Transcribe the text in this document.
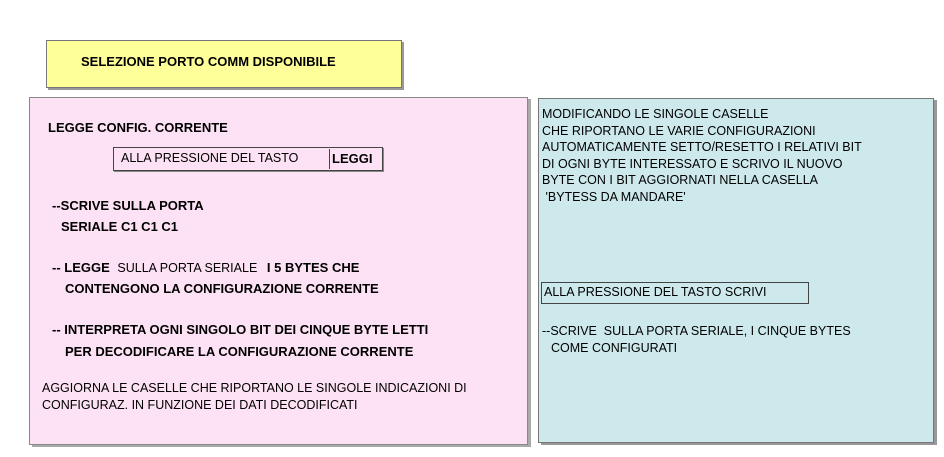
SELEZIONE PORTO COMM DISPONIBILE
LEGGE CONFIG. CORRENTE
ALLA PRESSIONE DEL TASTO	LEGGI
--SCRIVE SULLA PORTA
SERIALE C1 C1 C1
-- LEGGE SULLA PORTA SERIALE I 5 BYTES CHE
CONTENGONO LA CONFIGURAZIONE CORRENTE
-- INTERPRETA OGNI SINGOLO BIT DEI CINQUE BYTE LETTI
PER DECODIFICARE LA CONFIGURAZIONE CORRENTE
AGGIORNA LE CASELLE CHE RIPORTANO LE SINGOLE INDICAZIONI DI
CONFIGURAZ. IN FUNZIONE DEI DATI DECODIFICATI
MODIFICANDO LE SINGOLE CASELLE
CHE RIPORTANO LE VARIE CONFIGURAZIONI
AUTOMATICAMENTE SETTO/RESETTO I RELATIVI BIT
DI OGNI BYTE INTERESSATO E SCRIVO IL NUOVO
BYTE CON I BIT AGGIORNATI NELLA CASELLA
'BYTESS DA MANDARE'
ALLA PRESSIONE DEL TASTO SCRIVI
--SCRIVE  SULLA PORTA SERIALE, I CINQUE BYTES
COME CONFIGURATI
